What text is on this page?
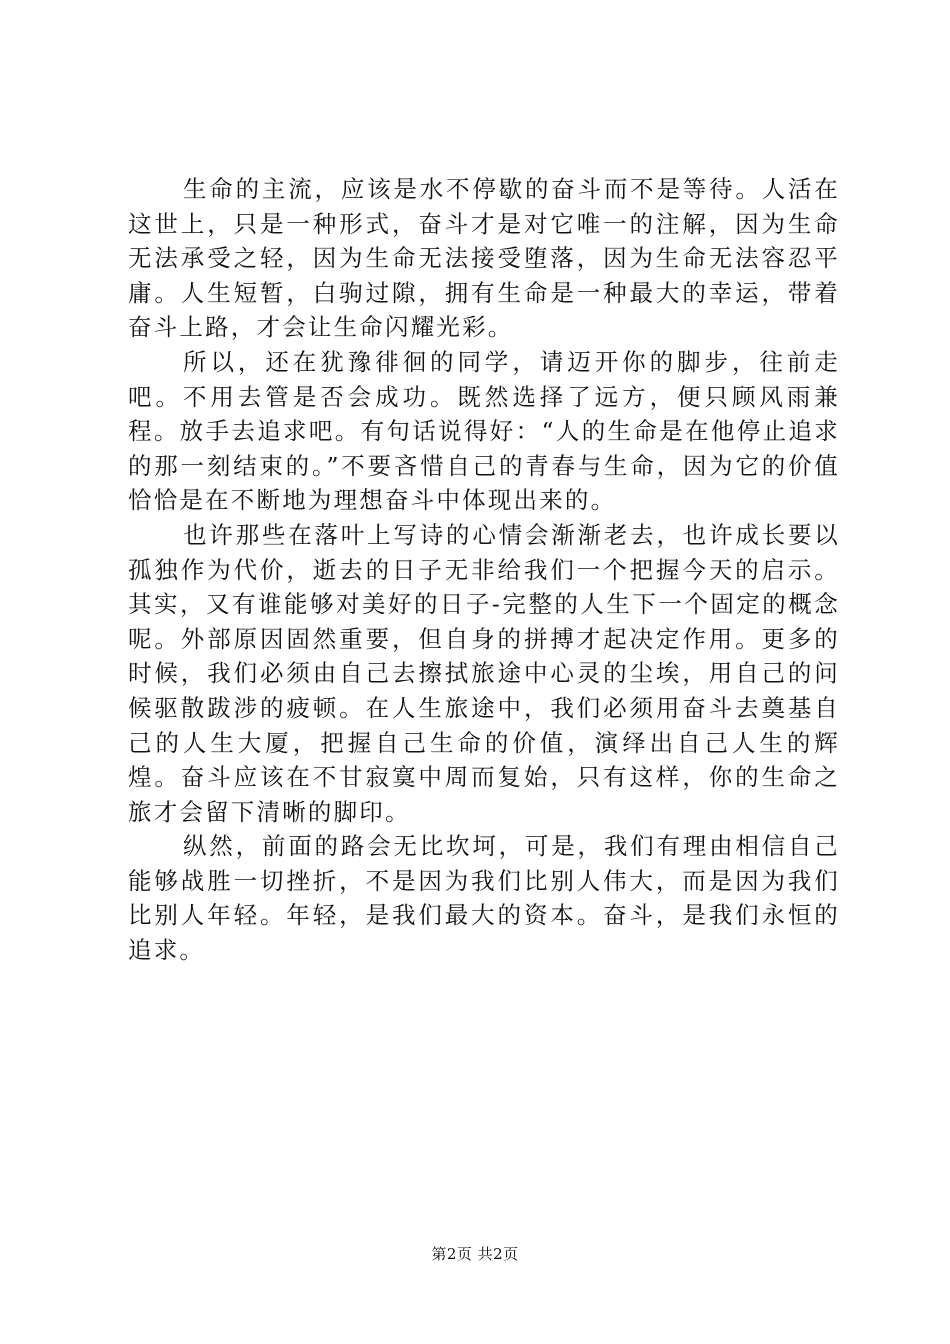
生命的主流，应该是水不停歇的奋斗而不是等待。人活在这世上，只是一种形式，奋斗才是对它唯一的注解，因为生命无法承受之轻，因为生命无法接受堕落，因为生命无法容忍平庸。人生短暂，白驹过隙，拥有生命是一种最大的幸运，带着奋斗上路，才会让生命闪耀光彩。

所以，还在犹豫徘徊的同学，请迈开你的脚步，往前走吧。不用去管是否会成功。既然选择了远方，便只顾风雨兼程。放手去追求吧。有句话说得好：“人的生命是在他停止追求的那一刻结束的。”不要吝惜自己的青春与生命，因为它的价值恰恰是在不断地为理想奋斗中体现出来的。

也许那些在落叶上写诗的心情会渐渐老去，也许成长要以孤独作为代价，逝去的日子无非给我们一个把握今天的启示。其实，又有谁能够对美好的日子-完整的人生下一个固定的概念呢。外部原因固然重要，但自身的拼搏才起决定作用。更多的时候，我们必须由自己去擦拭旅途中心灵的尘埃，用自己的问候驱散跋涉的疲顿。在人生旅途中，我们必须用奋斗去奠基自己的人生大厦，把握自己生命的价值，演绎出自己人生的辉煌。奋斗应该在不甘寂寞中周而复始，只有这样，你的生命之旅才会留下清晰的脚印。

纵然，前面的路会无比坎坷，可是，我们有理由相信自己能够战胜一切挫折，不是因为我们比别人伟大，而是因为我们比别人年轻。年轻，是我们最大的资本。奋斗，是我们永恒的追求。

第2页 共2页
